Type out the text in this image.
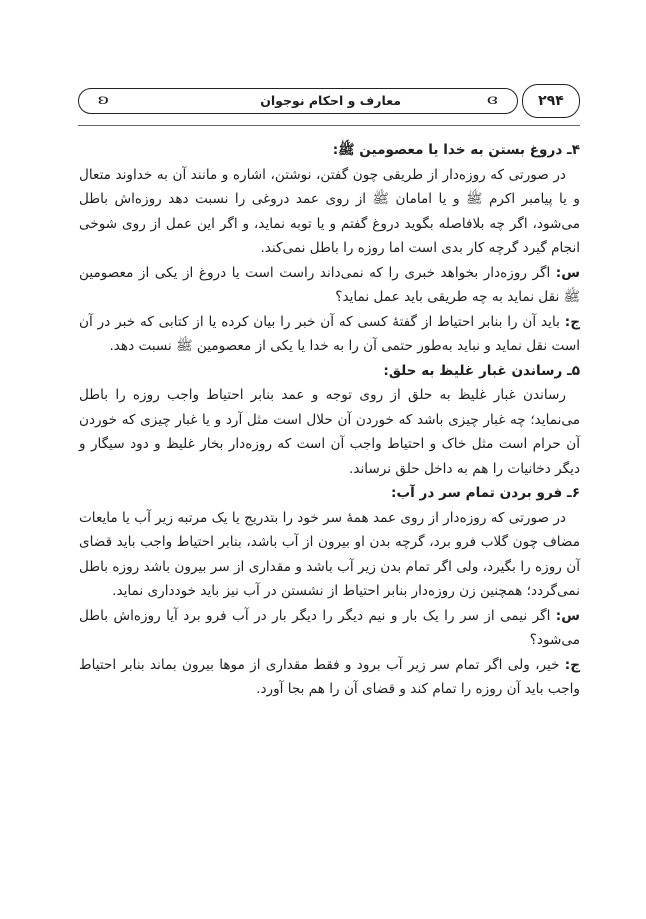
ɞ
معارف و احکام نوجوان
ɞ	۲۹۴

۴ـ دروغ بستن به خدا یا معصومین ﷺ:

در صورتی که روزه‌دار از طریقی چون گفتن، نوشتن، اشاره و مانند آن به خداوند متعال و یا پیامبر اکرم ﷺ و یا امامان ﷺ از روی عمد دروغی را نسبت دهد روزه‌اش باطل می‌شود، اگر چه بلافاصله بگوید دروغ گفتم و یا توبه نماید، و اگر این عمل از روی شوخی انجام گیرد گرچه کار بدی است اما روزه را باطل نمی‌کند.

س: اگر روزه‌دار بخواهد خبری را که نمی‌داند راست است یا دروغ از یکی از معصومین ﷺ نقل نماید به چه طریقی باید عمل نماید؟

ج: باید آن را بنابر احتیاط از گفتهٔ کسی که آن خبر را بیان کرده یا از کتابی که خبر در آن است نقل نماید و نباید به‌طور حتمی آن را به خدا یا یکی از معصومین ﷺ نسبت دهد.

۵ـ رساندن غبار غلیظ به حلق:

رساندن غبار غلیظ به حلق از روی توجه و عمد بنابر احتیاط واجب روزه را باطل می‌نماید؛ چه غبار چیزی باشد که خوردن آن حلال است مثل آرد و یا غبار چیزی که خوردن آن حرام است مثل خاک و احتیاط واجب آن است که روزه‌دار بخار غلیظ و دود سیگار و دیگر دخانیات را هم به داخل حلق نرساند.

۶ـ فرو بردن تمام سر در آب:

در صورتی که روزه‌دار از روی عمد همهٔ سر خود را بتدریج یا یک مرتبه زیر آب یا مایعات مضاف چون گلاب فرو برد، گرچه بدن او بیرون از آب باشد، بنابر احتیاط واجب باید قضای آن روزه را بگیرد، ولی اگر تمام بدن زیر آب باشد و مقداری از سر بیرون باشد روزه باطل نمی‌گردد؛ همچنین زن روزه‌دار بنابر احتیاط از نشستن در آب نیز باید خودداری نماید.

س: اگر نیمی از سر را یک بار و نیم دیگر را دیگر بار در آب فرو برد آیا روزه‌اش باطل می‌شود؟

ج: خیر، ولی اگر تمام سر زیر آب برود و فقط مقداری از موها بیرون بماند بنابر احتیاط واجب باید آن روزه را تمام کند و قضای آن را هم بجا آورد.
